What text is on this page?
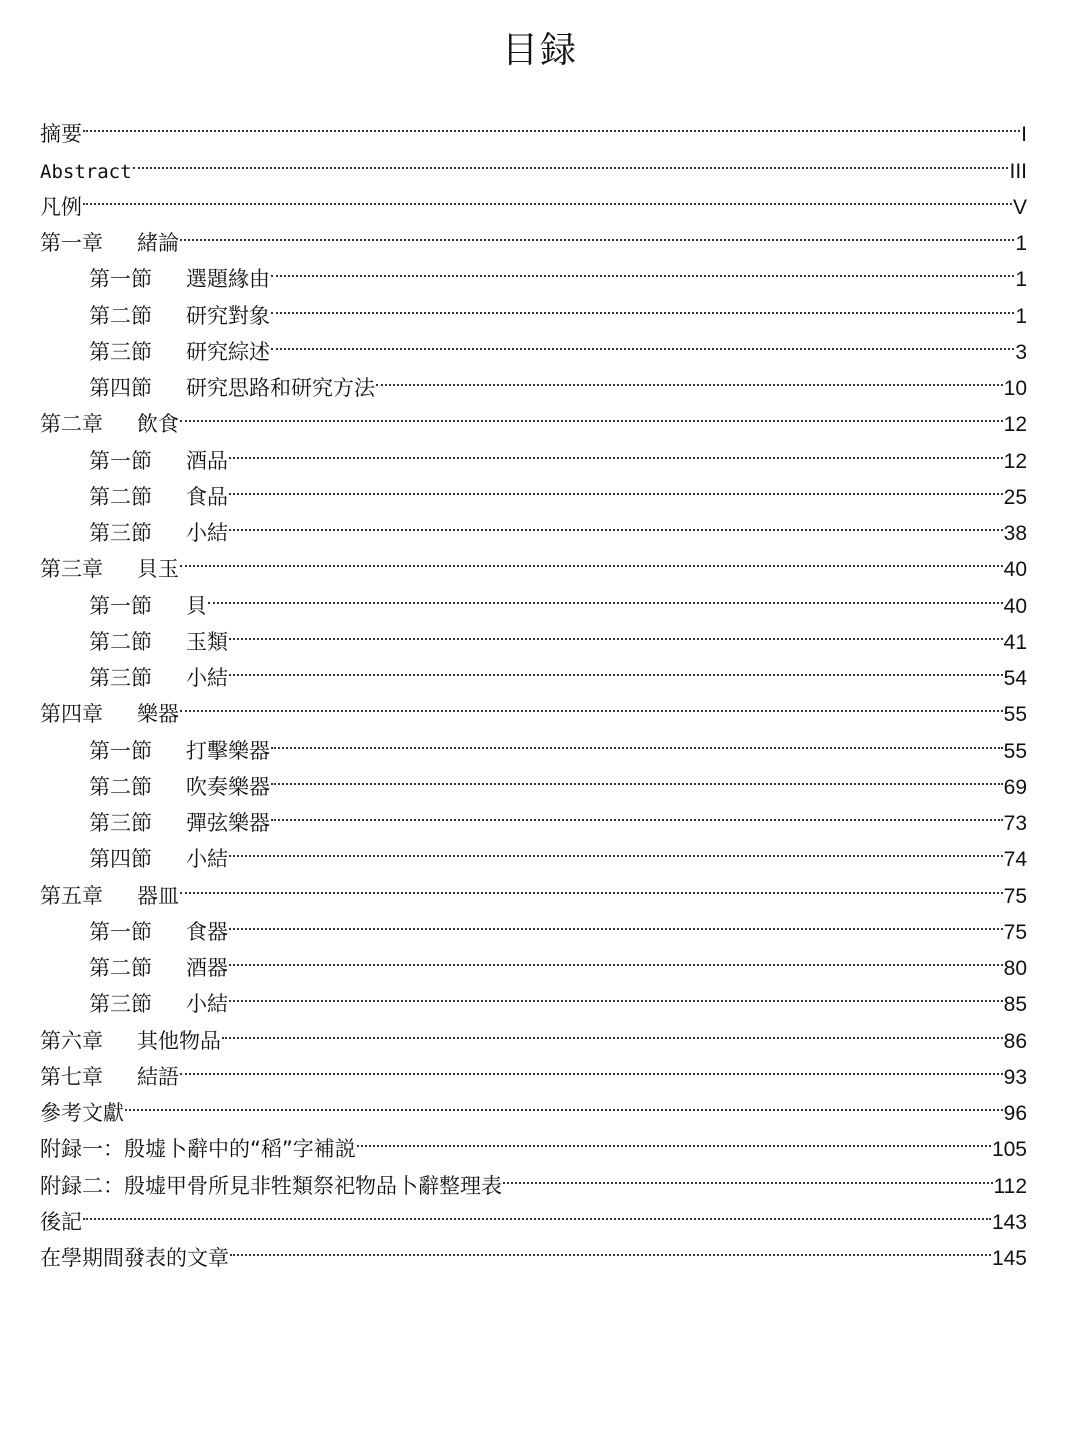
目録
摘要	I
Abstract	III
凡例	V
第一章	緒論	1
第一節	選題緣由	1
第二節	研究對象	1
第三節	研究綜述	3
第四節	研究思路和研究方法	10
第二章	飲食	12
第一節	酒品	12
第二節	食品	25
第三節	小結	38
第三章	貝玉	40
第一節	貝	40
第二節	玉類	41
第三節	小結	54
第四章	樂器	55
第一節	打擊樂器	55
第二節	吹奏樂器	69
第三節	彈弦樂器	73
第四節	小結	74
第五章	器皿	75
第一節	食器	75
第二節	酒器	80
第三節	小結	85
第六章	其他物品	86
第七章	結語	93
參考文獻	96
附録一：殷墟卜辭中的“稻”字補説	105
附録二：殷墟甲骨所見非牲類祭祀物品卜辭整理表	112
後記	143
在學期間發表的文章	145
